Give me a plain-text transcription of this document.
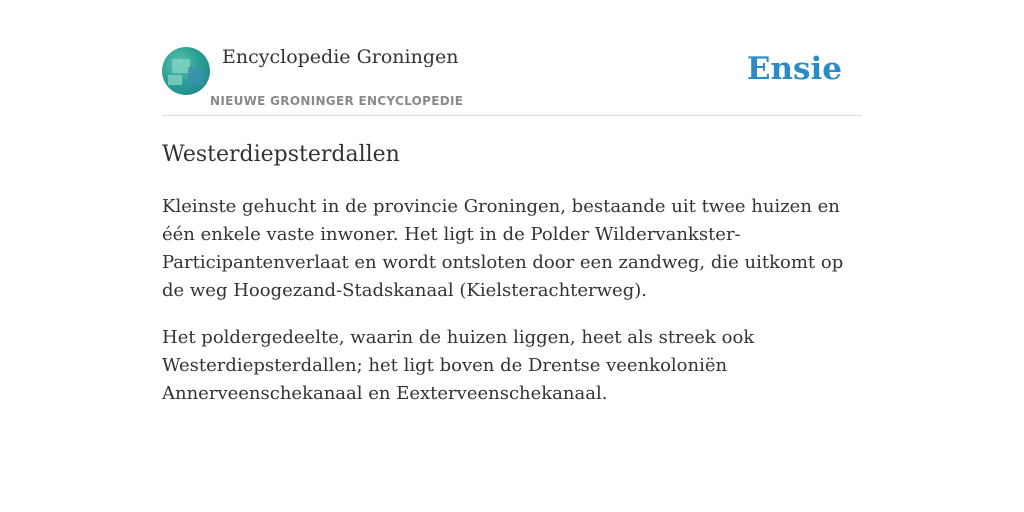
Encyclopedie Groningen
NIEUWE GRONINGER ENCYCLOPEDIE
Ensie
Westerdiepsterdallen

Kleinste gehucht in de provincie Groningen, bestaande uit twee huizen en één enkele vaste inwoner. Het ligt in de Polder Wildervankster-Participantenverlaat en wordt ontsloten door een zandweg, die uitkomt op de weg Hoogezand-Stadskanaal (Kielsterachterweg).

Het poldergedeelte, waarin de huizen liggen, heet als streek ook Westerdiepsterdallen; het ligt boven de Drentse veenkoloniën Annerveenschekanaal en Eexterveenschekanaal.
